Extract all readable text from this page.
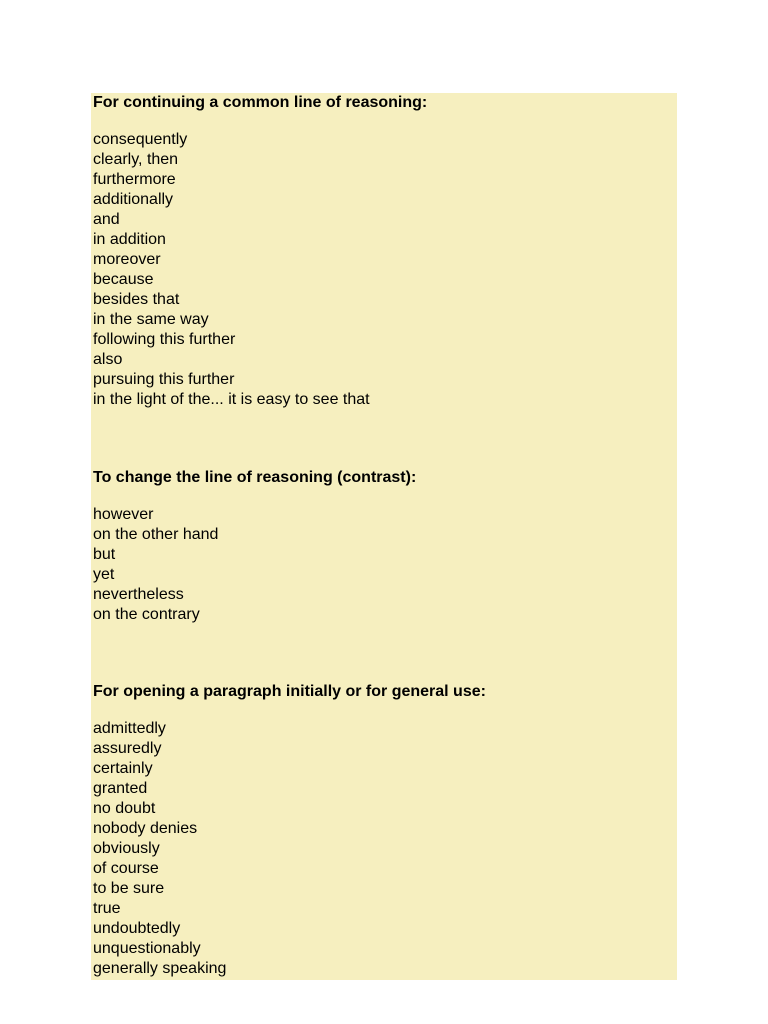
For continuing a common line of reasoning:
consequently
clearly, then
furthermore
additionally
and
in addition
moreover
because
besides that
in the same way
following this further
also
pursuing this further
in the light of the... it is easy to see that
To change the line of reasoning (contrast):
however
on the other hand
but
yet
nevertheless
on the contrary
For opening a paragraph initially or for general use:
admittedly
assuredly
certainly
granted
no doubt
nobody denies
obviously
of course
to be sure
true
undoubtedly
unquestionably
generally speaking
